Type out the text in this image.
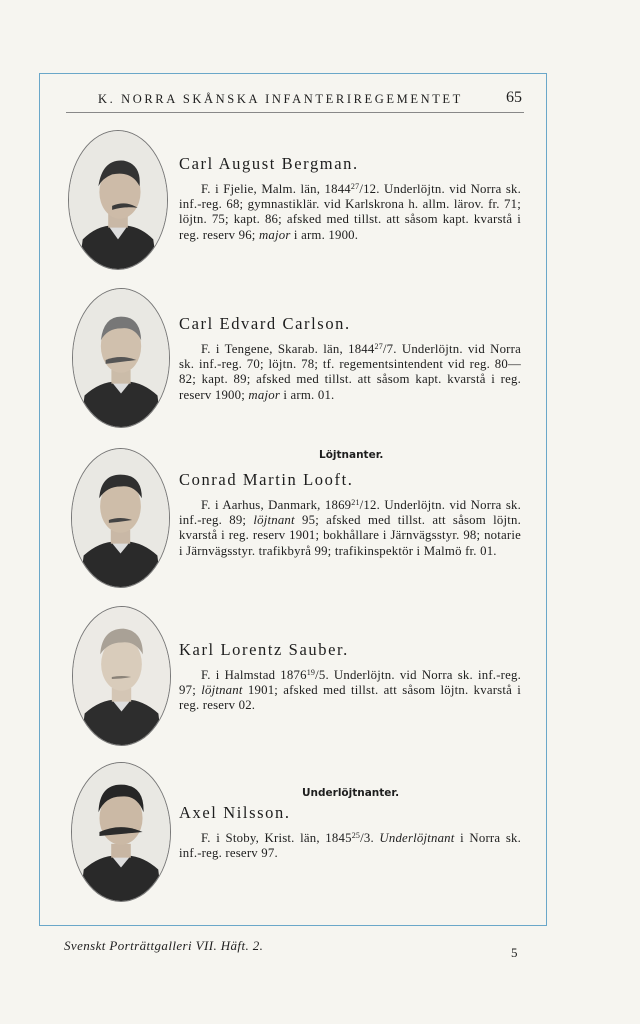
K. NORRA SKÅNSKA INFANTERIREGEMENTET	65
Carl August Bergman.
F. i Fjelie, Malm. län, 1844$^{27}$/12. Underlöjtn. vid Norra sk. inf.-reg. 68; gymnastiklär. vid Karlskrona h. allm. lärov. fr. 71; löjtn. 75; kapt. 86; afsked med tillst. att såsom kapt. kvarstå i reg. reserv 96; major i arm. 1900.
Carl Edvard Carlson.
F. i Tengene, Skarab. län, 1844$^{27}$/7. Underlöjtn. vid Norra sk. inf.-reg. 70; löjtn. 78; tf. regementsintendent vid reg. 80—82; kapt. 89; afsked med tillst. att såsom kapt. kvarstå i reg. reserv 1900; major i arm. 01.
Löjtnanter.
Conrad Martin Looft.
F. i Aarhus, Danmark, 1869$^{21}$/12. Underlöjtn. vid Norra sk. inf.-reg. 89; löjtnant 95; afsked med tillst. att såsom löjtn. kvarstå i reg. reserv 1901; bokhållare i Järnvägsstyr. 98; notarie i Järnvägsstyr. trafikbyrå 99; trafikinspektör i Malmö fr. 01.
Karl Lorentz Sauber.
F. i Halmstad 1876$^{19}$/5. Underlöjtn. vid Norra sk. inf.-reg. 97; löjtnant 1901; afsked med tillst. att såsom löjtn. kvarstå i reg. reserv 02.
Underlöjtnanter.
Axel Nilsson.
F. i Stoby, Krist. län, 1845$^{25}$/3. Underlöjtnant i Norra sk. inf.-reg. reserv 97.
Svenskt Porträttgalleri VII. Häft. 2.	5
